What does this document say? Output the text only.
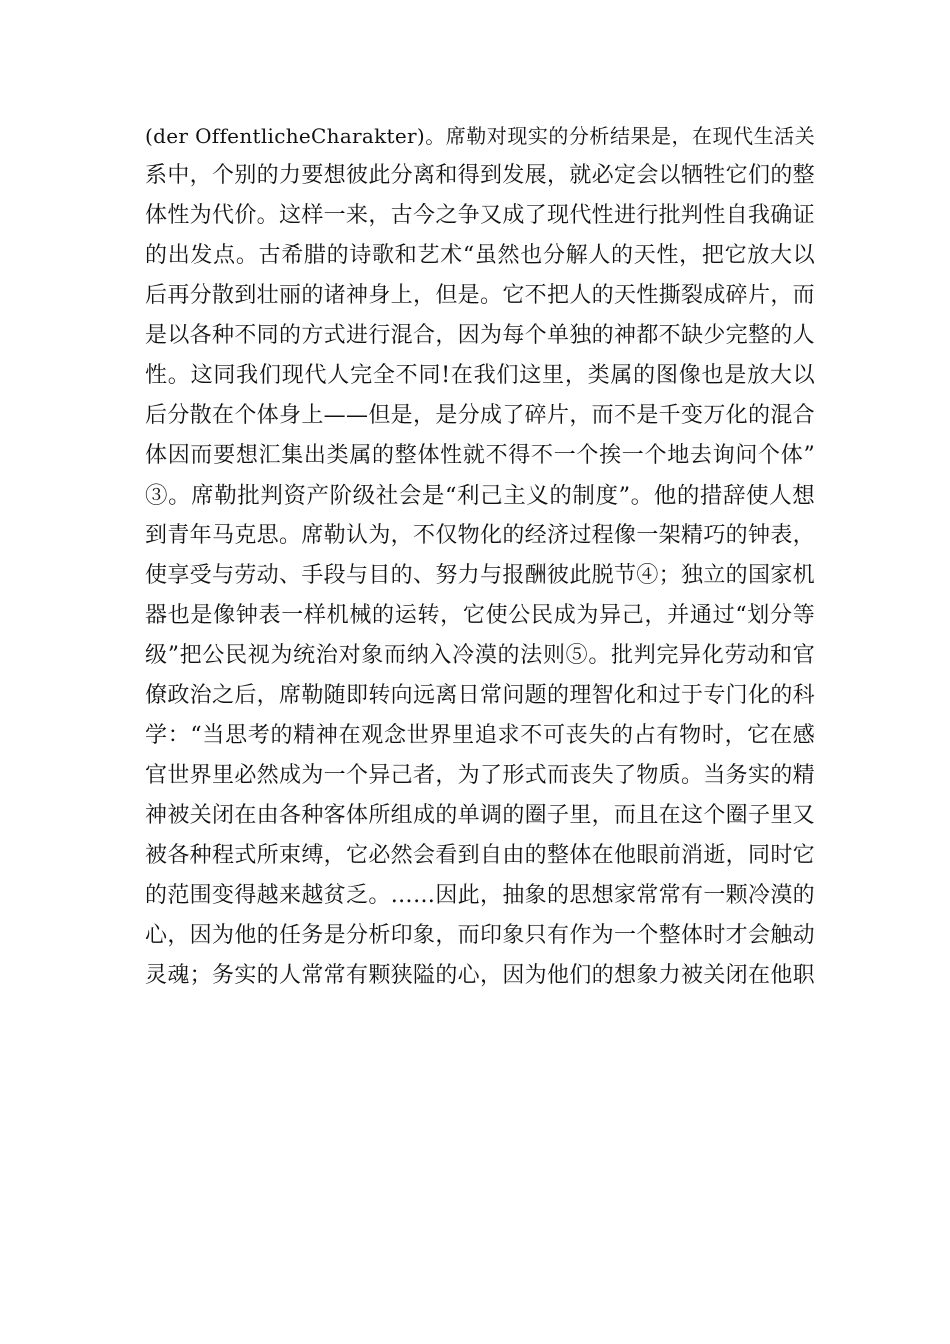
(der OffentlicheCharakter)。席勒对现实的分析结果是，在现代生活关
系中，个别的力要想彼此分离和得到发展，就必定会以牺牲它们的整
体性为代价。这样一来，古今之争又成了现代性进行批判性自我确证
的出发点。古希腊的诗歌和艺术“虽然也分解人的天性，把它放大以
后再分散到壮丽的诸神身上，但是。它不把人的天性撕裂成碎片，而
是以各种不同的方式进行混合，因为每个单独的神都不缺少完整的人
性。这同我们现代人完全不同!在我们这里，类属的图像也是放大以
后分散在个体身上——但是，是分成了碎片，而不是千变万化的混合
体因而要想汇集出类属的整体性就不得不一个挨一个地去询问个体”
③。席勒批判资产阶级社会是“利己主义的制度”。他的措辞使人想
到青年马克思。席勒认为，不仅物化的经济过程像一架精巧的钟表，
使享受与劳动、手段与目的、努力与报酬彼此脱节④；独立的国家机
器也是像钟表一样机械的运转，它使公民成为异己，并通过“划分等
级”把公民视为统治对象而纳入冷漠的法则⑤。批判完异化劳动和官
僚政治之后，席勒随即转向远离日常问题的理智化和过于专门化的科
学：“当思考的精神在观念世界里追求不可丧失的占有物时，它在感
官世界里必然成为一个异己者，为了形式而丧失了物质。当务实的精
神被关闭在由各种客体所组成的单调的圈子里，而且在这个圈子里又
被各种程式所束缚，它必然会看到自由的整体在他眼前消逝，同时它
的范围变得越来越贫乏。……因此，抽象的思想家常常有一颗冷漠的
心，因为他的任务是分析印象，而印象只有作为一个整体时才会触动
灵魂；务实的人常常有颗狭隘的心，因为他们的想象力被关闭在他职
